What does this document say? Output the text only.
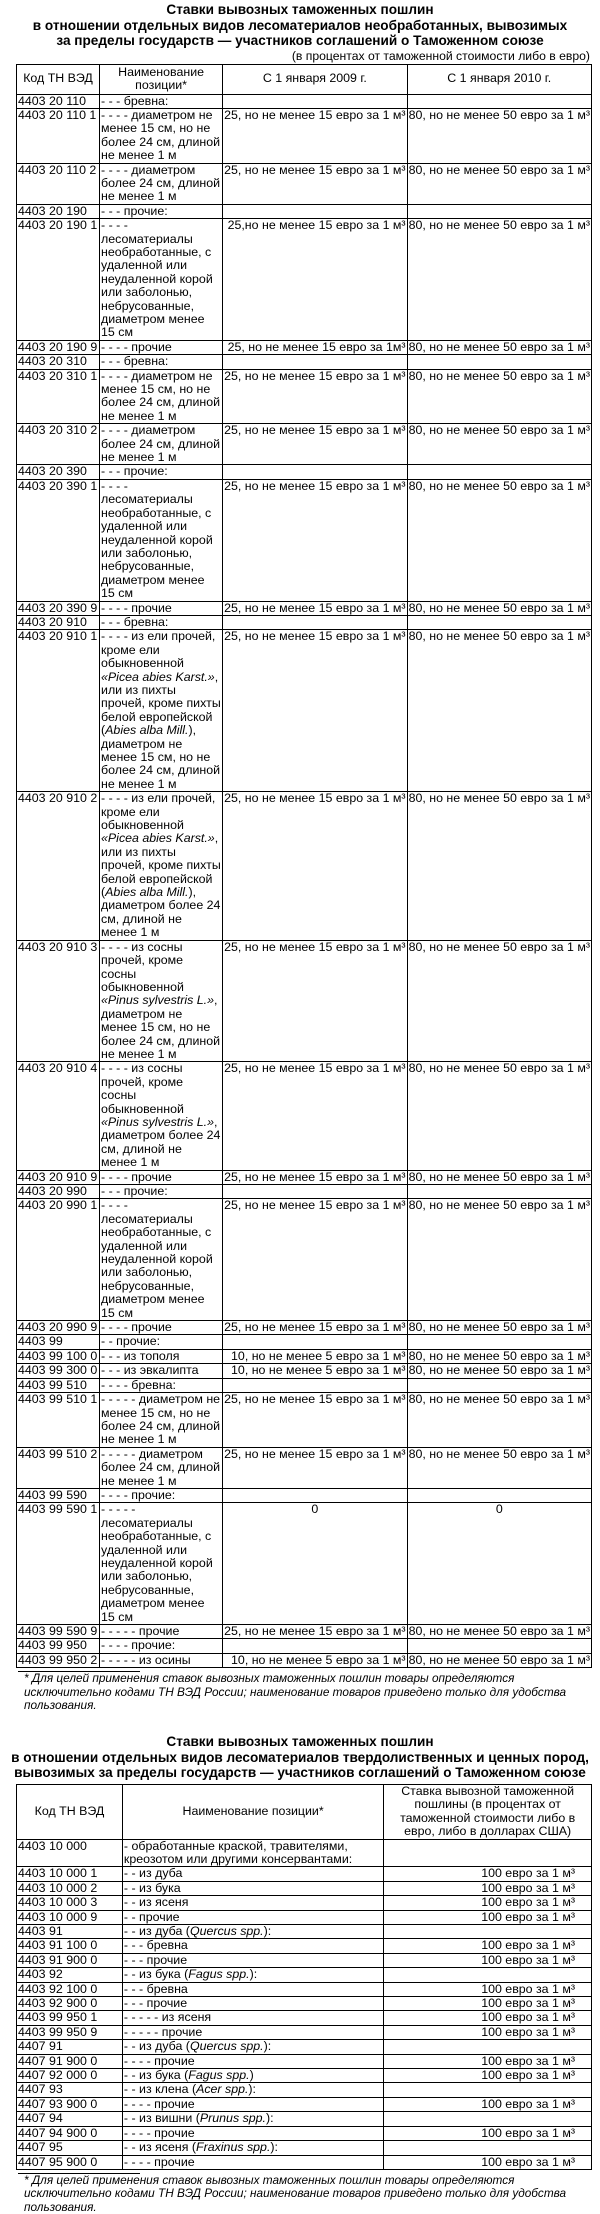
Ставки вывозных таможенных пошлин
в отношении отдельных видов лесоматериалов необработанных, вывозимых
за пределы государств — участников соглашений о Таможенном союзе
(в процентах от таможенной стоимости либо в евро)
Код ТН ВЭД	Наименование позиции*	С 1 января 2009 г.	С 1 января 2010 г.
4403 20 110	- - - бревна:		
4403 20 110 1	- - - - диаметром не менее 15 см, но не более 24 см, длиной не менее 1 м	25, но не менее 15 евро за 1 м³	80, но не менее 50 евро за 1 м³
4403 20 110 2	- - - - диаметром более 24 см, длиной не менее 1 м	25, но не менее 15 евро за 1 м³	80, но не менее 50 евро за 1 м³
4403 20 190	- - - прочие:		
4403 20 190 1	- - - - лесоматериалы необработанные, с удаленной или неудаленной корой или заболонью, небрусованные, диаметром менее 15 см	25,но не менее 15 евро за 1 м³	80, но не менее 50 евро за 1 м³
4403 20 190 9	- - - - прочие	25, но не менее 15 евро за 1м³	80, но не менее 50 евро за 1 м³
4403 20 310	- - - бревна:		
4403 20 310 1	- - - - диаметром не менее 15 см, но не более 24 см, длиной не менее 1 м	25, но не менее 15 евро за 1 м³	80, но не менее 50 евро за 1 м³
4403 20 310 2	- - - - диаметром более 24 см, длиной не менее 1 м	25, но не менее 15 евро за 1 м³	80, но не менее 50 евро за 1 м³
4403 20 390	- - - прочие:		
4403 20 390 1	- - - - лесоматериалы необработанные, с удаленной или неудаленной корой или заболонью, небрусованные, диаметром менее 15 см	25, но не менее 15 евро за 1 м³	80, но не менее 50 евро за 1 м³
4403 20 390 9	- - - - прочие	25, но не менее 15 евро за 1 м³	80, но не менее 50 евро за 1 м³
4403 20 910	- - - бревна:		
4403 20 910 1	- - - - из ели прочей, кроме ели обыкновенной «Picea abies Karst.», или из пихты прочей, кроме пихты белой европейской (Abies alba Mill.), диаметром не менее 15 см, но не более 24 см, длиной не менее 1 м	25, но не менее 15 евро за 1 м³	80, но не менее 50 евро за 1 м³
4403 20 910 2	- - - - из ели прочей, кроме ели обыкновенной «Picea abies Karst.», или из пихты прочей, кроме пихты белой европейской (Abies alba Mill.), диаметром более 24 см, длиной не менее 1 м	25, но не менее 15 евро за 1 м³	80, но не менее 50 евро за 1 м³
4403 20 910 3	- - - - из сосны прочей, кроме сосны обыкновенной «Pinus sylvestris L.», диаметром не менее 15 см, но не более 24 см, длиной не менее 1 м	25, но не менее 15 евро за 1 м³	80, но не менее 50 евро за 1 м³
4403 20 910 4	- - - - из сосны прочей, кроме сосны обыкновенной «Pinus sylvestris L.», диаметром более 24 см, длиной не менее 1 м	25, но не менее 15 евро за 1 м³	80, но не менее 50 евро за 1 м³
4403 20 910 9	- - - - прочие	25, но не менее 15 евро за 1 м³	80, но не менее 50 евро за 1 м³
4403 20 990	- - - прочие:		
4403 20 990 1	- - - - лесоматериалы необработанные, с удаленной или неудаленной корой или заболонью, небрусованные, диаметром менее 15 см	25, но не менее 15 евро за 1 м³	80, но не менее 50 евро за 1 м³
4403 20 990 9	- - - - прочие	25, но не менее 15 евро за 1 м³	80, но не менее 50 евро за 1 м³
4403 99	- - прочие:		
4403 99 100 0	- - - из тополя	10, но не менее 5 евро за 1 м³	80, но не менее 50 евро за 1 м³
4403 99 300 0	- - - из эвкалипта	10, но не менее 5 евро за 1 м³	80, но не менее 50 евро за 1 м³
4403 99 510	- - - - бревна:		
4403 99 510 1	- - - - - диаметром не менее 15 см, но не более 24 см, длиной не менее 1 м	25, но не менее 15 евро за 1 м³	80, но не менее 50 евро за 1 м³
4403 99 510 2	- - - - - диаметром более 24 см, длиной не менее 1 м	25, но не менее 15 евро за 1 м³	80, но не менее 50 евро за 1 м³
4403 99 590	- - - - прочие:		
4403 99 590 1	- - - - - лесоматериалы необработанные, с удаленной или неудаленной корой или заболонью, небрусованные, диаметром менее 15 см	0	0
4403 99 590 9	- - - - - прочие	25, но не менее 15 евро за 1 м³	80, но не менее 50 евро за 1 м³
4403 99 950	- - - - прочие:		
4403 99 950 2	- - - - - из осины	10, но не менее 5 евро за 1 м³	80, но не менее 50 евро за 1 м³
* Для целей применения ставок вывозных таможенных пошлин товары определяются исключительно кодами ТН ВЭД России; наименование товаров приведено только для удобства пользования.
Ставки вывозных таможенных пошлин
в отношении отдельных видов лесоматериалов твердолиственных и ценных пород,
вывозимых за пределы государств — участников соглашений о Таможенном союзе
Код ТН ВЭД	Наименование позиции*	Ставка вывозной таможенной пошлины (в процентах от таможенной стоимости либо в евро, либо в долларах США)
4403 10 000	- обработанные краской, травителями, креозотом или другими консервантами:	
4403 10 000 1	- - из дуба	100 евро за 1 м³
4403 10 000 2	- - из бука	100 евро за 1 м³
4403 10 000 3	- - из ясеня	100 евро за 1 м³
4403 10 000 9	- - прочие	100 евро за 1 м³
4403 91	- - из дуба (Quercus spp.):	
4403 91 100 0	- - - бревна	100 евро за 1 м³
4403 91 900 0	- - - прочие	100 евро за 1 м³
4403 92	- - из бука (Fagus spp.):	
4403 92 100 0	- - - бревна	100 евро за 1 м³
4403 92 900 0	- - - прочие	100 евро за 1 м³
4403 99 950 1	- - - - - из ясеня	100 евро за 1 м³
4403 99 950 9	- - - - - прочие	100 евро за 1 м³
4407 91	- - из дуба (Quercus spp.):	
4407 91 900 0	- - - - прочие	100 евро за 1 м³
4407 92 000 0	- - из бука (Fagus spp.)	100 евро за 1 м³
4407 93	- - из клена (Acer spp.):	
4407 93 900 0	- - - - прочие	100 евро за 1 м³
4407 94	- - из вишни (Prunus spp.):	
4407 94 900 0	- - - - прочие	100 евро за 1 м³
4407 95	- - из ясеня (Fraxinus spp.):	
4407 95 900 0	- - - - прочие	100 евро за 1 м³
* Для целей применения ставок вывозных таможенных пошлин товары определяются исключительно кодами ТН ВЭД России; наименование товаров приведено только для удобства пользования.
